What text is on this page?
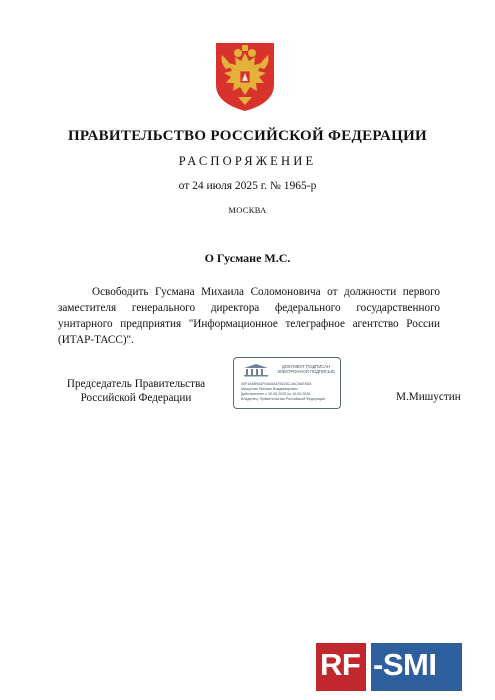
ПРАВИТЕЛЬСТВО РОССИЙСКОЙ ФЕДЕРАЦИИ
РАСПОРЯЖЕНИЕ
от 24 июля 2025 г. № 1965-р
МОСКВА
О Гусмане М.С.
Освободить Гусмана Михаила Соломоновича от должности первого заместителя генерального директора федерального государственного унитарного предприятия "Информационное телеграфное агентство России (ИТАР-ТАСС)".
Председатель Правительства
Российской Федерации
ДОКУМЕНТ ПОДПИСАН ЭЛЕКТРОННОЙ ПОДПИСЬЮ
00F3A6B9A3FA0A5A67B22AC3AC8AE5D8
Мишустин Михаил Владимирович
Действителен с 20.08.2025 по 19.09.2026
Владелец: Правительство Российской Федерации	М.Мишустин
RF -SMI
